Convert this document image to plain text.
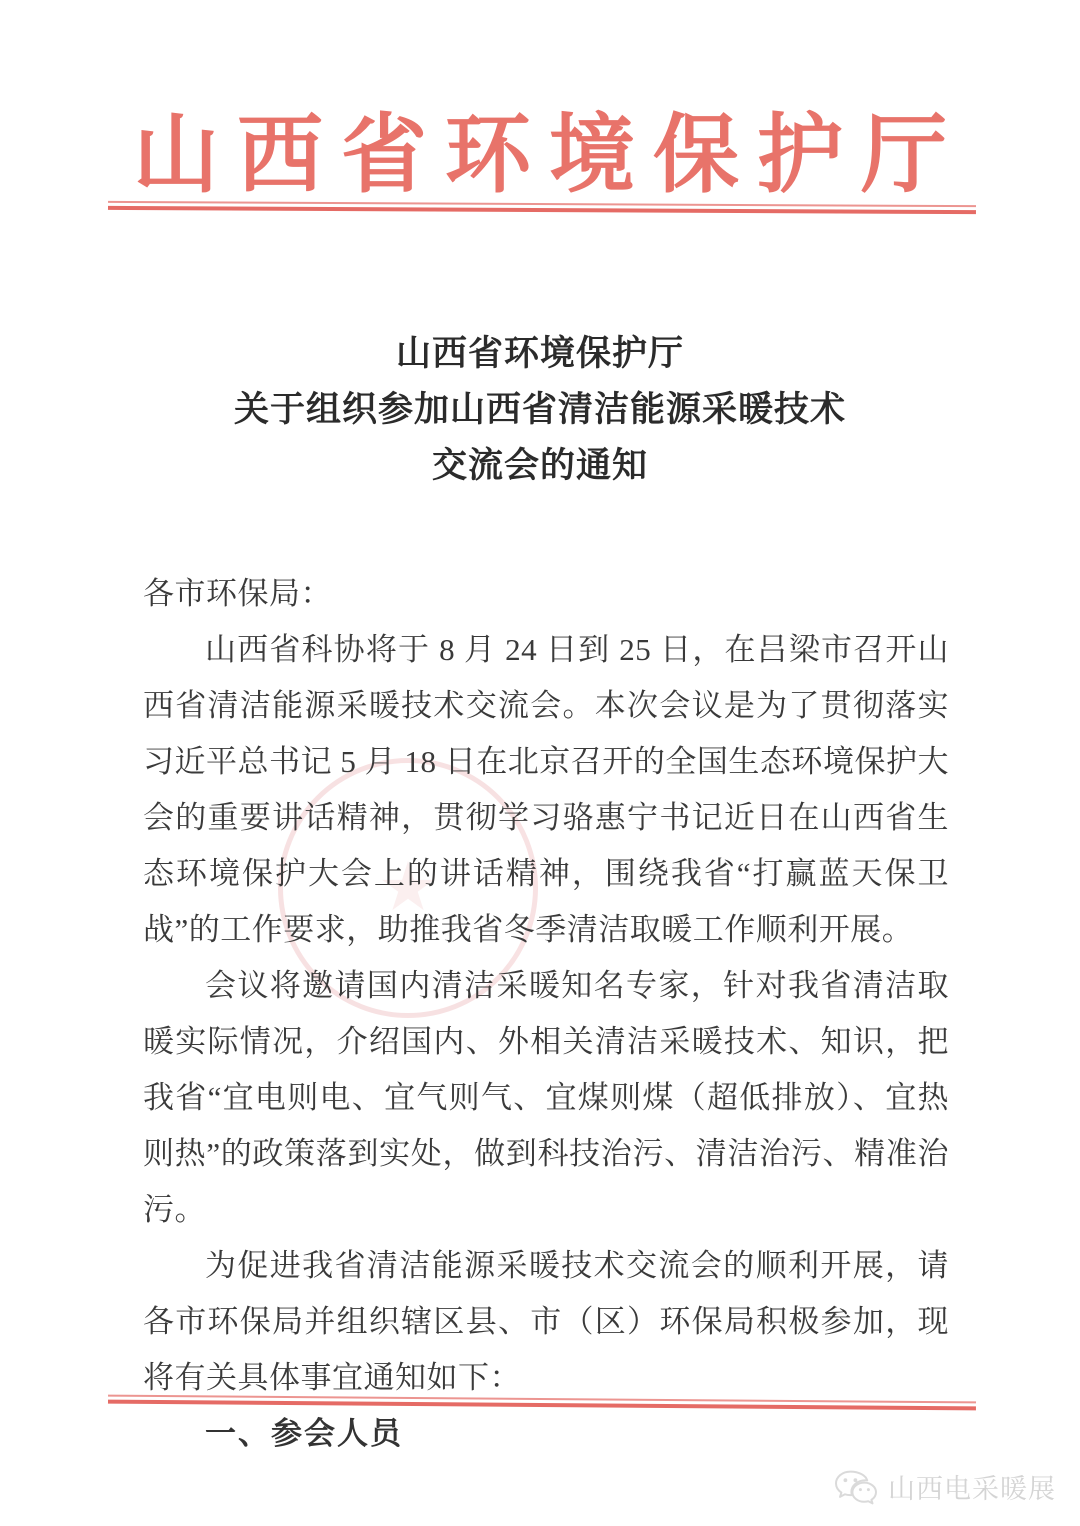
山西省环境保护厅
山西省环境保护厅
关于组织参加山西省清洁能源采暖技术
交流会的通知

各市环保局：

山西省科协将于 8 月 24 日到 25 日，在吕梁市召开山西省清洁能源采暖技术交流会。本次会议是为了贯彻落实习近平总书记 5 月 18 日在北京召开的全国生态环境保护大会的重要讲话精神，贯彻学习骆惠宁书记近日在山西省生态环境保护大会上的讲话精神，围绕我省“打赢蓝天保卫战”的工作要求，助推我省冬季清洁取暖工作顺利开展。

会议将邀请国内清洁采暖知名专家，针对我省清洁取暖实际情况，介绍国内、外相关清洁采暖技术、知识，把我省“宜电则电、宜气则气、宜煤则煤（超低排放）、宜热则热”的政策落到实处，做到科技治污、清洁治污、精准治污。

为促进我省清洁能源采暖技术交流会的顺利开展，请各市环保局并组织辖区县、市（区）环保局积极参加，现将有关具体事宜通知如下：

一、参会人员

山西电采暖展
